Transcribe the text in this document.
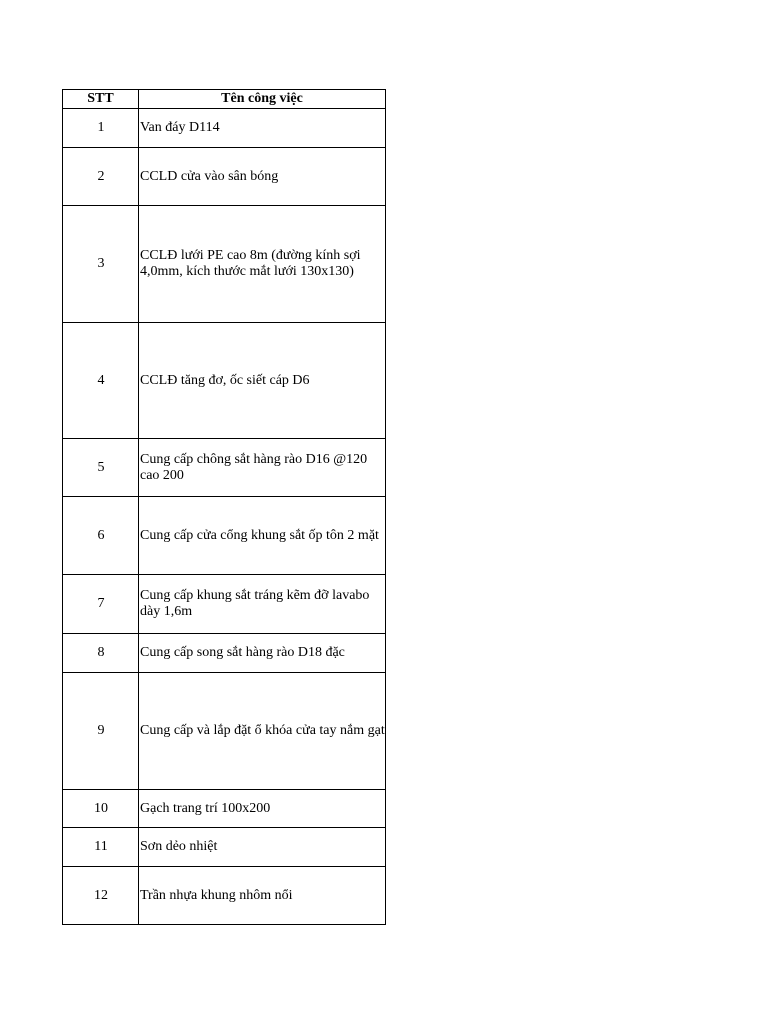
STT	Tên công việc
1	Van đáy D114
2	CCLD cửa vào sân bóng
3	CCLĐ lưới PE cao 8m (đường kính sợi 4,0mm, kích thước mắt lưới 130x130)
4	CCLĐ tăng đơ, ốc siết cáp D6
5	Cung cấp chông sắt hàng rào D16 @120 cao 200
6	Cung cấp cửa cổng khung sắt ốp tôn 2 mặt
7	Cung cấp khung sắt tráng kẽm đỡ lavabo dày 1,6m
8	Cung cấp song sắt hàng rào D18 đặc
9	Cung cấp và lắp đặt ổ khóa cửa tay nắm gạt
10	Gạch trang trí 100x200
11	Sơn dẻo nhiệt
12	Trần nhựa khung nhôm nổi
